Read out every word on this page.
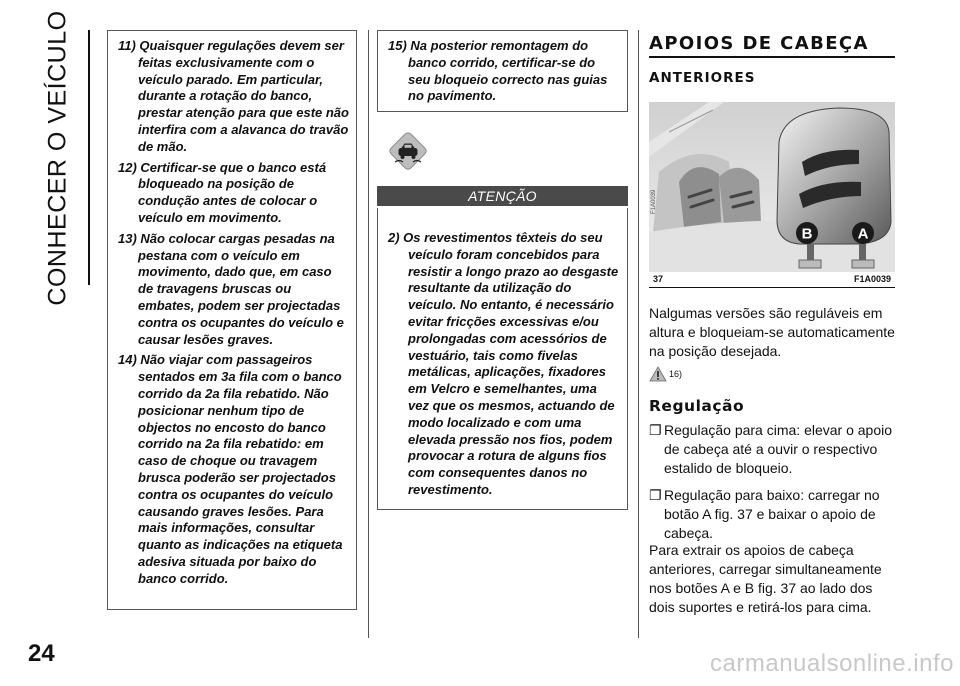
CONHECER O VEÍCULO
24
11) Quaisquer regulações devem ser feitas exclusivamente com o veículo parado. Em particular, durante a rotação do banco, prestar atenção para que este não interfira com a alavanca do travão de mão.
12) Certificar-se que o banco está bloqueado na posição de condução antes de colocar o veículo em movimento.
13) Não colocar cargas pesadas na pestana com o veículo em movimento, dado que, em caso de travagens bruscas ou embates, podem ser projectadas contra os ocupantes do veículo e causar lesões graves.
14) Não viajar com passageiros sentados em 3a fila com o banco corrido da 2a fila rebatido. Não posicionar nenhum tipo de objectos no encosto do banco corrido na 2a fila rebatido: em caso de choque ou travagem brusca poderão ser projectados contra os ocupantes do veículo causando graves lesões. Para mais informações, consultar quanto as indicações na etiqueta adesiva situada por baixo do banco corrido.
15) Na posterior remontagem do banco corrido, certificar-se do seu bloqueio correcto nas guias no pavimento.
ATENÇÃO
2) Os revestimentos têxteis do seu veículo foram concebidos para resistir a longo prazo ao desgaste resultante da utilização do veículo. No entanto, é necessário evitar fricções excessivas e/ou prolongadas com acessórios de vestuário, tais como fivelas metálicas, aplicações, fixadores em Velcro e semelhantes, uma vez que os mesmos, actuando de modo localizado e com uma elevada pressão nos fios, podem provocar a rotura de alguns fios com consequentes danos no revestimento.
APOIOS DE CABEÇA
ANTERIORES
B	A
F1A0039
37	F1A0039

Nalgumas versões são reguláveis em altura e bloqueiam-se automaticamente na posição desejada.

16)
Regulação
❐ Regulação para cima: elevar o apoio de cabeça até a ouvir o respectivo estalido de bloqueio.
❐ Regulação para baixo: carregar no botão A fig. 37 e baixar o apoio de cabeça.

Para extrair os apoios de cabeça anteriores, carregar simultaneamente nos botões A e B fig. 37 ao lado dos dois suportes e retirá-los para cima.

carmanualsonline.info
